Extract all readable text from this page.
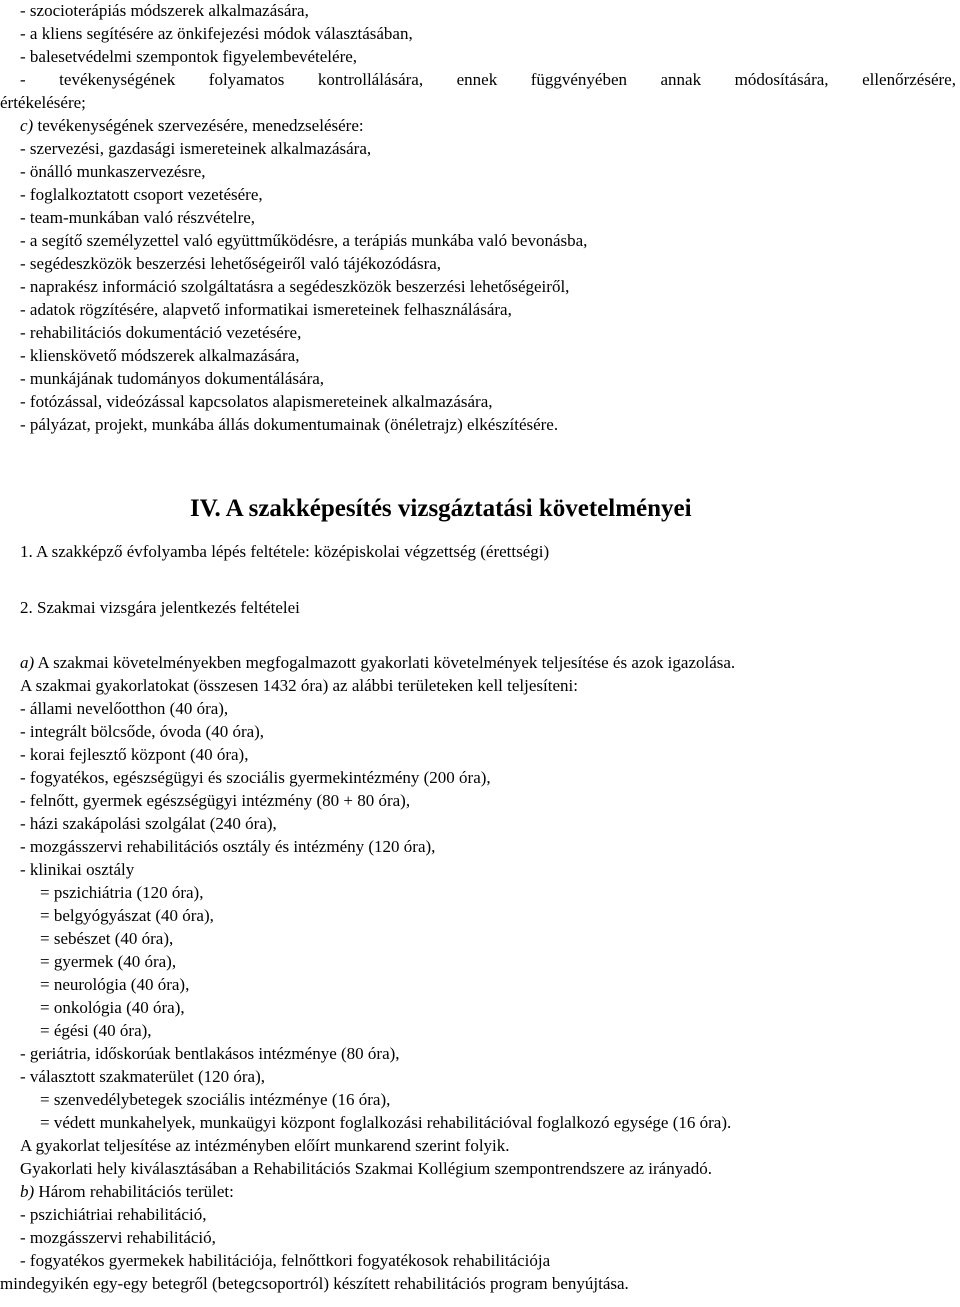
- szocioterápiás módszerek alkalmazására,
- a kliens segítésére az önkifejezési módok választásában,
- balesetvédelmi szempontok figyelembevételére,
- tevékenységének folyamatos kontrollálására, ennek függvényében annak módosítására, ellenőrzésére,
értékelésére;
c) tevékenységének szervezésére, menedzselésére:
- szervezési, gazdasági ismereteinek alkalmazására,
- önálló munkaszervezésre,
- foglalkoztatott csoport vezetésére,
- team-munkában való részvételre,
- a segítő személyzettel való együttműködésre, a terápiás munkába való bevonásba,
- segédeszközök beszerzési lehetőségeiről való tájékozódásra,
- naprakész információ szolgáltatásra a segédeszközök beszerzési lehetőségeiről,
- adatok rögzítésére, alapvető informatikai ismereteinek felhasználására,
- rehabilitációs dokumentáció vezetésére,
- klienskövető módszerek alkalmazására,
- munkájának tudományos dokumentálására,
- fotózással, videózással kapcsolatos alapismereteinek alkalmazására,
- pályázat, projekt, munkába állás dokumentumainak (önéletrajz) elkészítésére.
IV. A szakképesítés vizsgáztatási követelményei
1. A szakképző évfolyamba lépés feltétele: középiskolai végzettség (érettségi)
2. Szakmai vizsgára jelentkezés feltételei
a) A szakmai követelményekben megfogalmazott gyakorlati követelmények teljesítése és azok igazolása.
A szakmai gyakorlatokat (összesen 1432 óra) az alábbi területeken kell teljesíteni:
- állami nevelőotthon (40 óra),
- integrált bölcsőde, óvoda (40 óra),
- korai fejlesztő központ (40 óra),
- fogyatékos, egészségügyi és szociális gyermekintézmény (200 óra),
- felnőtt, gyermek egészségügyi intézmény (80 + 80 óra),
- házi szakápolási szolgálat (240 óra),
- mozgásszervi rehabilitációs osztály és intézmény (120 óra),
- klinikai osztály
= pszichiátria (120 óra),
= belgyógyászat (40 óra),
= sebészet (40 óra),
= gyermek (40 óra),
= neurológia (40 óra),
= onkológia (40 óra),
= égési (40 óra),
- geriátria, időskorúak bentlakásos intézménye (80 óra),
- választott szakmaterület (120 óra),
= szenvedélybetegek szociális intézménye (16 óra),
= védett munkahelyek, munkaügyi központ foglalkozási rehabilitációval foglalkozó egysége (16 óra).
A gyakorlat teljesítése az intézményben előírt munkarend szerint folyik.
Gyakorlati hely kiválasztásában a Rehabilitációs Szakmai Kollégium szempontrendszere az irányadó.
b) Három rehabilitációs terület:
- pszichiátriai rehabilitáció,
- mozgásszervi rehabilitáció,
- fogyatékos gyermekek habilitációja, felnőttkori fogyatékosok rehabilitációja
mindegyikén egy-egy betegről (betegcsoportról) készített rehabilitációs program benyújtása.
